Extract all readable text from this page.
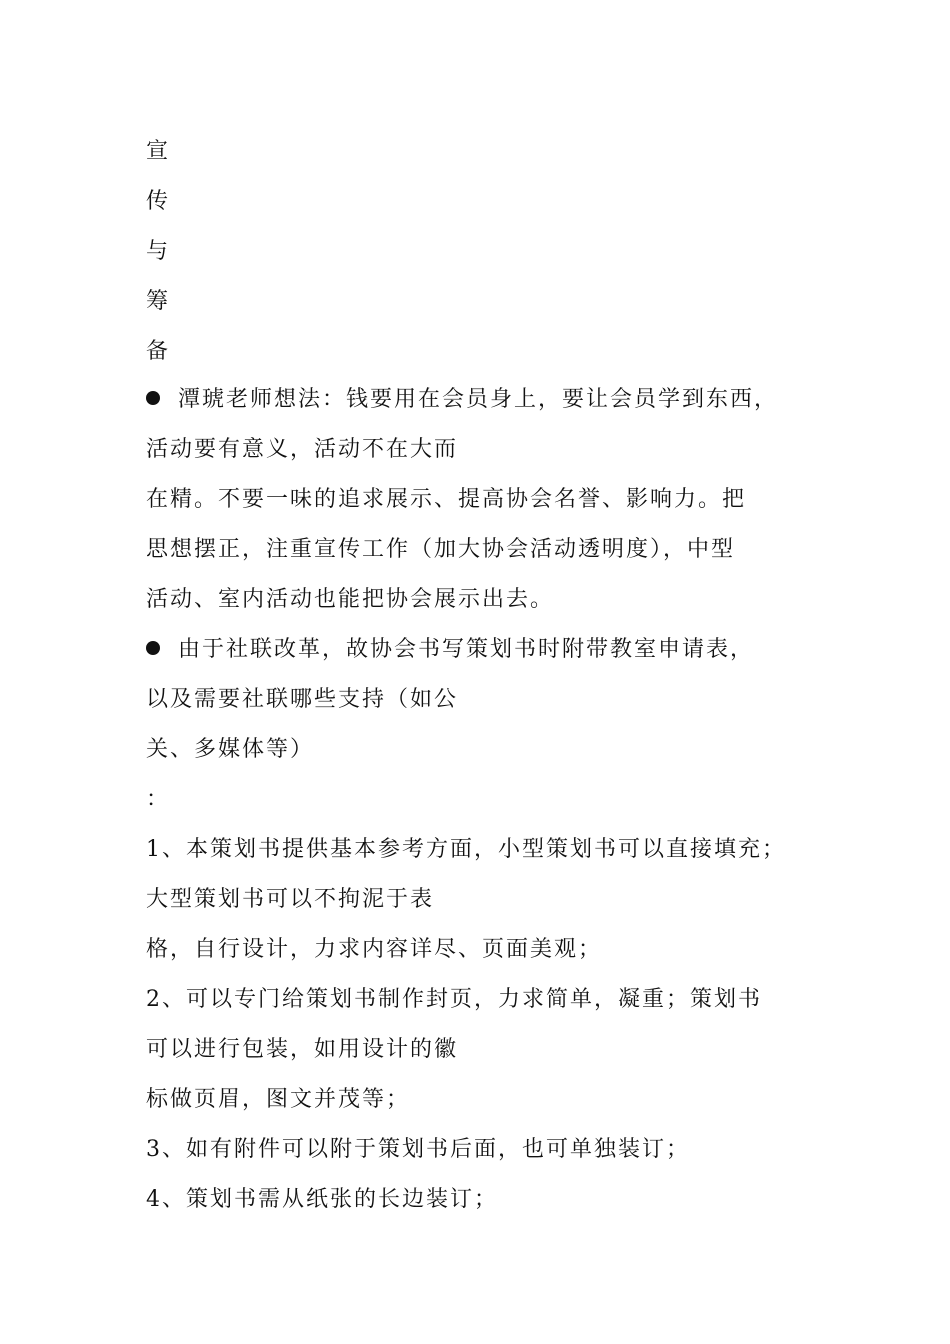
宣
传
与
筹
备
潭琥老师想法：钱要用在会员身上，要让会员学到东西，
活动要有意义，活动不在大而
在精。不要一味的追求展示、提高协会名誉、影响力。把
思想摆正，注重宣传工作（加大协会活动透明度），中型
活动、室内活动也能把协会展示出去。
由于社联改革，故协会书写策划书时附带教室申请表，
以及需要社联哪些支持（如公
关、多媒体等）
：
1、本策划书提供基本参考方面，小型策划书可以直接填充；
大型策划书可以不拘泥于表
格，自行设计，力求内容详尽、页面美观；
2、可以专门给策划书制作封页，力求简单，凝重；策划书
可以进行包装，如用设计的徽
标做页眉，图文并茂等；
3、如有附件可以附于策划书后面，也可单独装订；
4、策划书需从纸张的长边装订；
